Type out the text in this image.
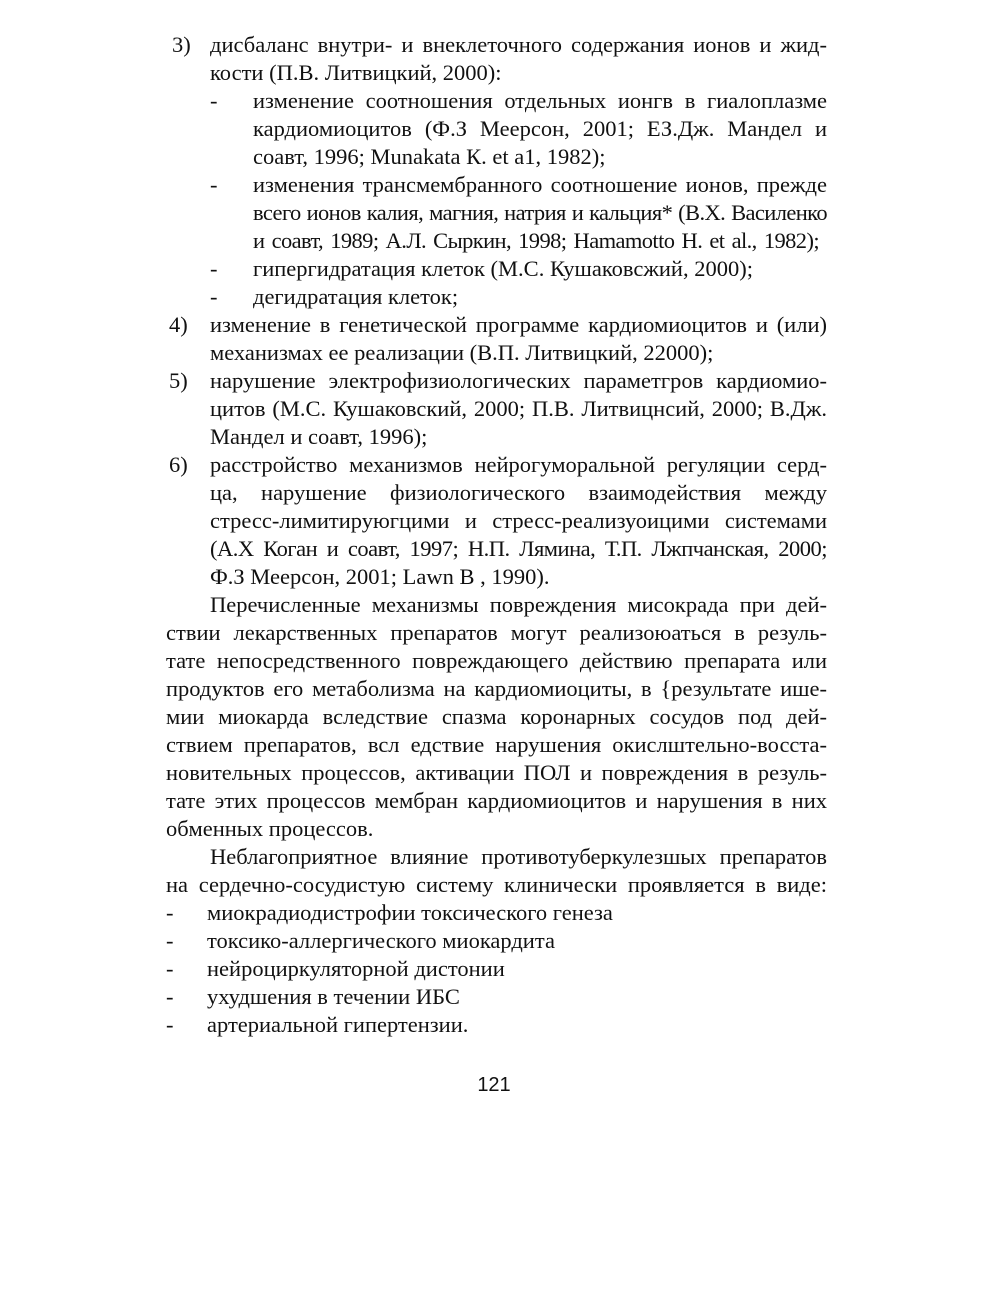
3) дисбаланс внутри- и внеклеточного содержания ионов и жид-
кости (П.В. Литвицкий, 2000):
- изменение соотношения отдельных ионгв в гиалоплазме
кардиомиоцитов (Ф.З Меерсон, 2001; ЕЗ.Дж. Мандел и
соавт, 1996; Munakata К. et a1, 1982);
- изменения трансмембранного соотношение ионов, прежде
всего ионов калия, магния, натрия и кальция* (В.Х. Василенко
и соавт, 1989; А.Л. Сыркин, 1998; Hamamotto H. et al., 1982);
- гипергидратация клеток (М.С. Кушаковсжий, 2000);
- дегидратация клеток;
4) изменение в генетической программе кардиомиоцитов и (или)
механизмах ее реализации (В.П. Литвицкий, 22000);
5) нарушение электрофизиологических параметгров кардиомио-
цитов (М.С. Кушаковский, 2000; П.В. Литвицнсий, 2000; В.Дж.
Мандел и соавт, 1996);
6) расстройство механизмов нейрогуморальной регуляции серд-
ца, нарушение физиологического взаимодействия между
стресс-лимитируюгцими и стресс-реализуоицими системами
(А.Х Коган и соавт, 1997; Н.П. Лямина, Т.П. Лжпчанская, 2000;
Ф.З Меерсон, 2001; Lawn B , 1990).
Перечисленные механизмы повреждения мисокрада при дей-
ствии лекарственных препаратов могут реализоюаться в резуль-
тате непосредственного повреждающего действию препарата или
продуктов его метаболизма на кардиомиоциты, в {результате ише-
мии миокарда вследствие спазма коронарных сосудов под дей-
ствием препаратов, всл едствие нарушения окислштельно-восста-
новительных процессов, активации ПОЛ и повреждения в резуль-
тате этих процессов мембран кардиомиоцитов и нарушения в них
обменных процессов.
Неблагоприятное влияние противотуберкулезшых препаратов
на сердечно-сосудистую систему клинически проявляется в виде:
- миокрадиодистрофии токсического генеза
- токсико-аллергического миокардита
- нейроциркуляторной дистонии
- ухудшения в течении ИБС
- артериальной гипертензии.
121
